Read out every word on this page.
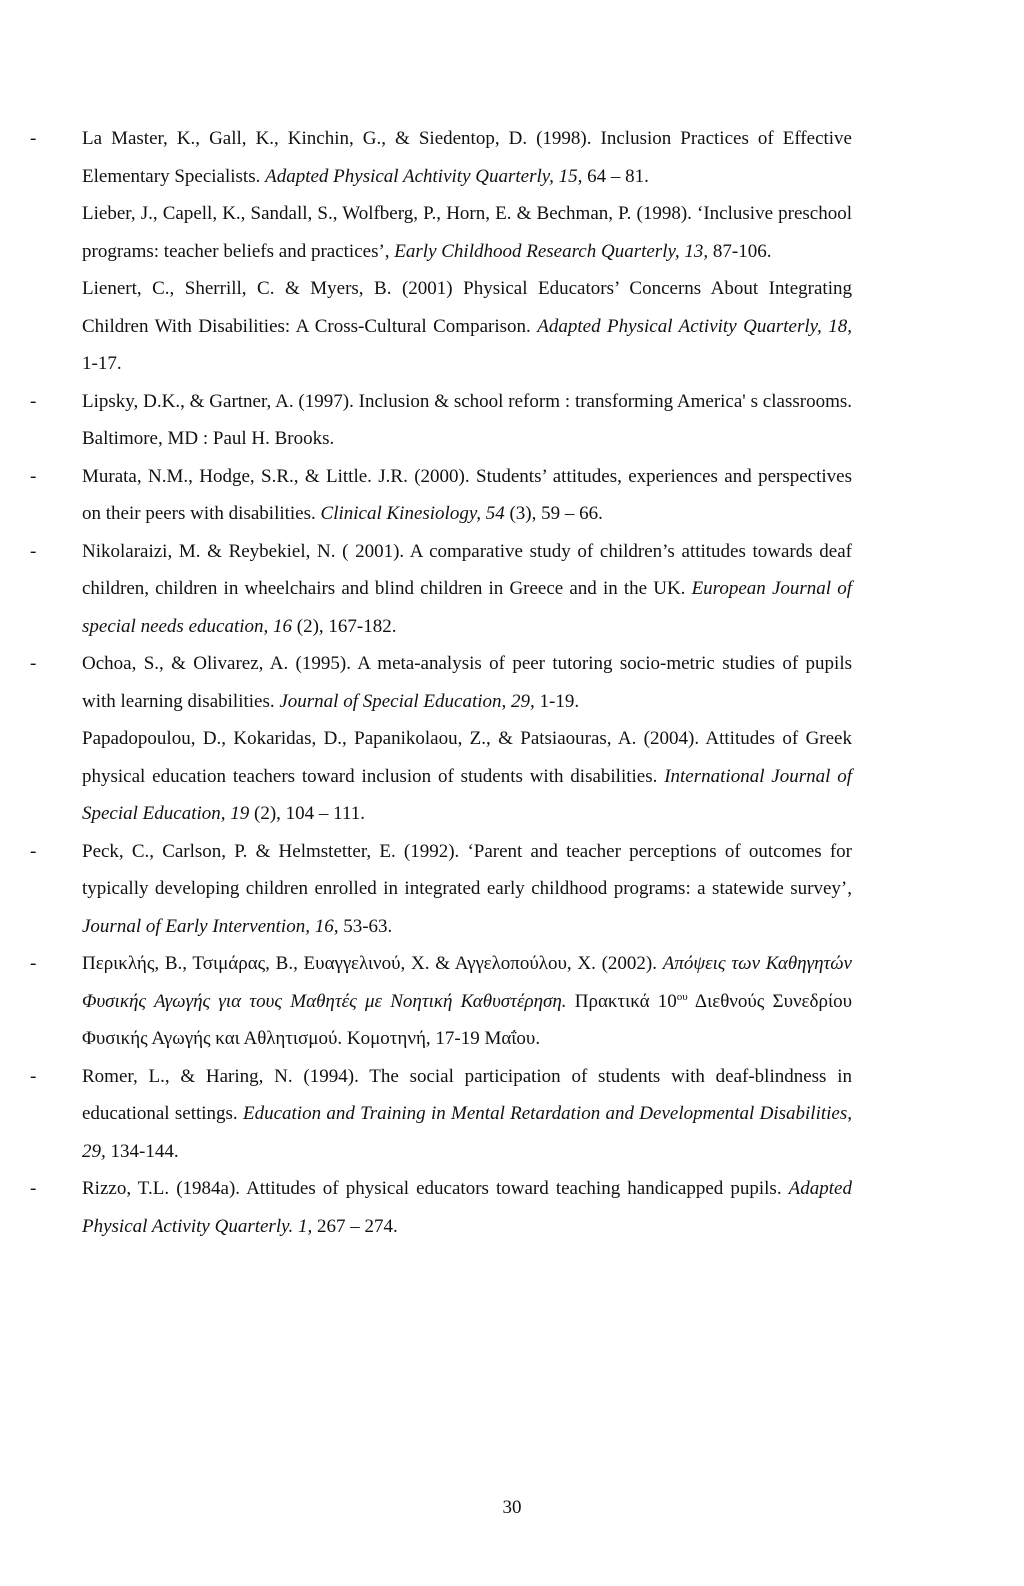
- La Master, K., Gall, K., Kinchin, G., & Siedentop, D. (1998). Inclusion Practices of Effective Elementary Specialists. Adapted Physical Achtivity Quarterly, 15, 64 – 81.

Lieber, J., Capell, K., Sandall, S., Wolfberg, P., Horn, E. & Bechman, P. (1998). ‘Inclusive preschool programs: teacher beliefs and practices’, Early Childhood Research Quarterly, 13, 87-106.

Lienert, C., Sherrill, C. & Myers, B. (2001) Physical Educators’ Concerns About Integrating Children With Disabilities: A Cross-Cultural Comparison. Adapted Physical Activity Quarterly, 18, 1-17.

- Lipsky, D.K., & Gartner, A. (1997). Inclusion & school reform : transforming America' s classrooms. Baltimore, MD : Paul H. Brooks.

- Murata, N.M., Hodge, S.R., & Little. J.R. (2000). Students’ attitudes, experiences and perspectives on their peers with disabilities. Clinical Kinesiology, 54 (3), 59 – 66.

- Nikolaraizi, M. & Reybekiel, N. ( 2001). A comparative study of children’s attitudes towards deaf children, children in wheelchairs and blind children in Greece and in the UK. European Journal of special needs education, 16 (2), 167-182.

- Ochoa, S., & Olivarez, A. (1995). A meta-analysis of peer tutoring socio-metric studies of pupils with learning disabilities. Journal of Special Education, 29, 1-19.

Papadopoulou, D., Kokaridas, D., Papanikolaou, Z., & Patsiaouras, A. (2004). Attitudes of Greek physical education teachers toward inclusion of students with disabilities. International Journal of Special Education, 19 (2), 104 – 111.

- Peck, C., Carlson, P. & Helmstetter, E. (1992). ‘Parent and teacher perceptions of outcomes for typically developing children enrolled in integrated early childhood programs: a statewide survey’, Journal of Early Intervention, 16, 53-63.

- Περικλής, Β., Τσιμάρας, Β., Ευαγγελινού, Χ. & Αγγελοπούλου, Χ. (2002). Απόψεις των Καθηγητών Φυσικής Αγωγής για τους Μαθητές με Νοητική Καθυστέρηση. Πρακτικά $10^{o\upsilon}$ Διεθνούς Συνεδρίου Φυσικής Αγωγής και Αθλητισμού. Κομοτηνή, 17-19 Μαΐου.

- Romer, L., & Haring, N. (1994). The social participation of students with deaf-blindness in educational settings. Education and Training in Mental Retardation and Developmental Disabilities, 29, 134-144.

- Rizzo, T.L. (1984a). Attitudes of physical educators toward teaching handicapped pupils. Adapted Physical Activity Quarterly. 1, 267 – 274.

30
